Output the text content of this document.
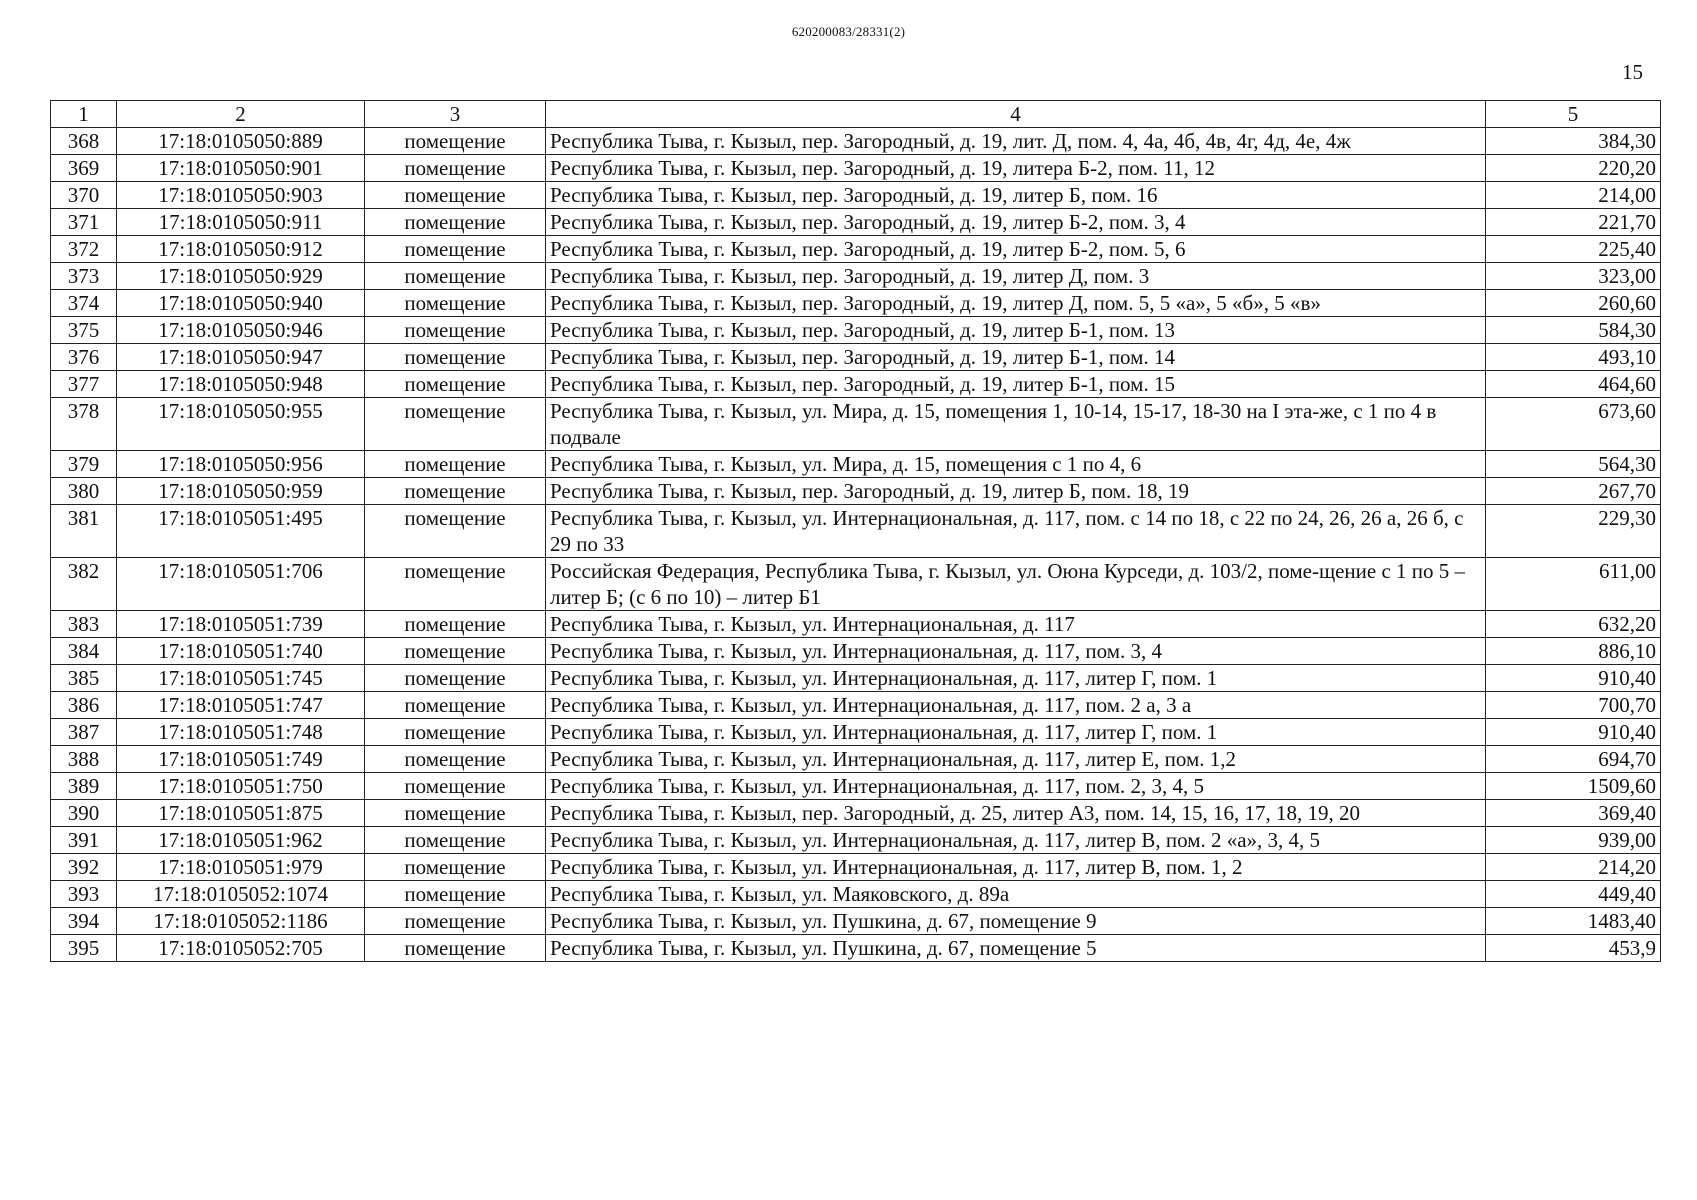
620200083/28331(2)
15
1	2	3	4	5
368	17:18:0105050:889	помещение	Республика Тыва, г. Кызыл, пер. Загородный, д. 19, лит. Д, пом. 4, 4а, 4б, 4в, 4г, 4д, 4е, 4ж	384,30
369	17:18:0105050:901	помещение	Республика Тыва, г. Кызыл, пер. Загородный, д. 19, литера Б-2, пом. 11, 12	220,20
370	17:18:0105050:903	помещение	Республика Тыва, г. Кызыл, пер. Загородный, д. 19, литер Б, пом. 16	214,00
371	17:18:0105050:911	помещение	Республика Тыва, г. Кызыл, пер. Загородный, д. 19, литер Б-2, пом. 3, 4	221,70
372	17:18:0105050:912	помещение	Республика Тыва, г. Кызыл, пер. Загородный, д. 19, литер Б-2, пом. 5, 6	225,40
373	17:18:0105050:929	помещение	Республика Тыва, г. Кызыл, пер. Загородный, д. 19, литер Д, пом. 3	323,00
374	17:18:0105050:940	помещение	Республика Тыва, г. Кызыл, пер. Загородный, д. 19, литер Д, пом. 5, 5 «а», 5 «б», 5 «в»	260,60
375	17:18:0105050:946	помещение	Республика Тыва, г. Кызыл, пер. Загородный, д. 19, литер Б-1, пом. 13	584,30
376	17:18:0105050:947	помещение	Республика Тыва, г. Кызыл, пер. Загородный, д. 19, литер Б-1, пом. 14	493,10
377	17:18:0105050:948	помещение	Республика Тыва, г. Кызыл, пер. Загородный, д. 19, литер Б-1, пом. 15	464,60
378	17:18:0105050:955	помещение	Республика Тыва, г. Кызыл, ул. Мира, д. 15, помещения 1, 10-14, 15-17, 18-30 на I эта-же, с 1 по 4 в подвале	673,60
379	17:18:0105050:956	помещение	Республика Тыва, г. Кызыл, ул. Мира, д. 15, помещения с 1 по 4, 6	564,30
380	17:18:0105050:959	помещение	Республика Тыва, г. Кызыл, пер. Загородный, д. 19, литер Б, пом. 18, 19	267,70
381	17:18:0105051:495	помещение	Республика Тыва, г. Кызыл, ул. Интернациональная, д. 117, пом. с 14 по 18, с 22 по 24, 26, 26 а, 26 б, с 29 по 33	229,30
382	17:18:0105051:706	помещение	Российская Федерация, Республика Тыва, г. Кызыл, ул. Оюна Курседи, д. 103/2, поме-щение с 1 по 5 – литер Б; (с 6 по 10) – литер Б1	611,00
383	17:18:0105051:739	помещение	Республика Тыва, г. Кызыл, ул. Интернациональная, д. 117	632,20
384	17:18:0105051:740	помещение	Республика Тыва, г. Кызыл, ул. Интернациональная, д. 117, пом. 3, 4	886,10
385	17:18:0105051:745	помещение	Республика Тыва, г. Кызыл, ул. Интернациональная, д. 117, литер Г, пом. 1	910,40
386	17:18:0105051:747	помещение	Республика Тыва, г. Кызыл, ул. Интернациональная, д. 117, пом. 2 а, 3 а	700,70
387	17:18:0105051:748	помещение	Республика Тыва, г. Кызыл, ул. Интернациональная, д. 117, литер Г, пом. 1	910,40
388	17:18:0105051:749	помещение	Республика Тыва, г. Кызыл, ул. Интернациональная, д. 117, литер Е, пом. 1,2	694,70
389	17:18:0105051:750	помещение	Республика Тыва, г. Кызыл, ул. Интернациональная, д. 117, пом. 2, 3, 4, 5	1509,60
390	17:18:0105051:875	помещение	Республика Тыва, г. Кызыл, пер. Загородный, д. 25, литер А3, пом. 14, 15, 16, 17, 18, 19, 20	369,40
391	17:18:0105051:962	помещение	Республика Тыва, г. Кызыл, ул. Интернациональная, д. 117, литер В, пом. 2 «а», 3, 4, 5	939,00
392	17:18:0105051:979	помещение	Республика Тыва, г. Кызыл, ул. Интернациональная, д. 117, литер В, пом. 1, 2	214,20
393	17:18:0105052:1074	помещение	Республика Тыва, г. Кызыл, ул. Маяковского, д. 89а	449,40
394	17:18:0105052:1186	помещение	Республика Тыва, г. Кызыл, ул. Пушкина, д. 67, помещение 9	1483,40
395	17:18:0105052:705	помещение	Республика Тыва, г. Кызыл, ул. Пушкина, д. 67, помещение 5	453,9
